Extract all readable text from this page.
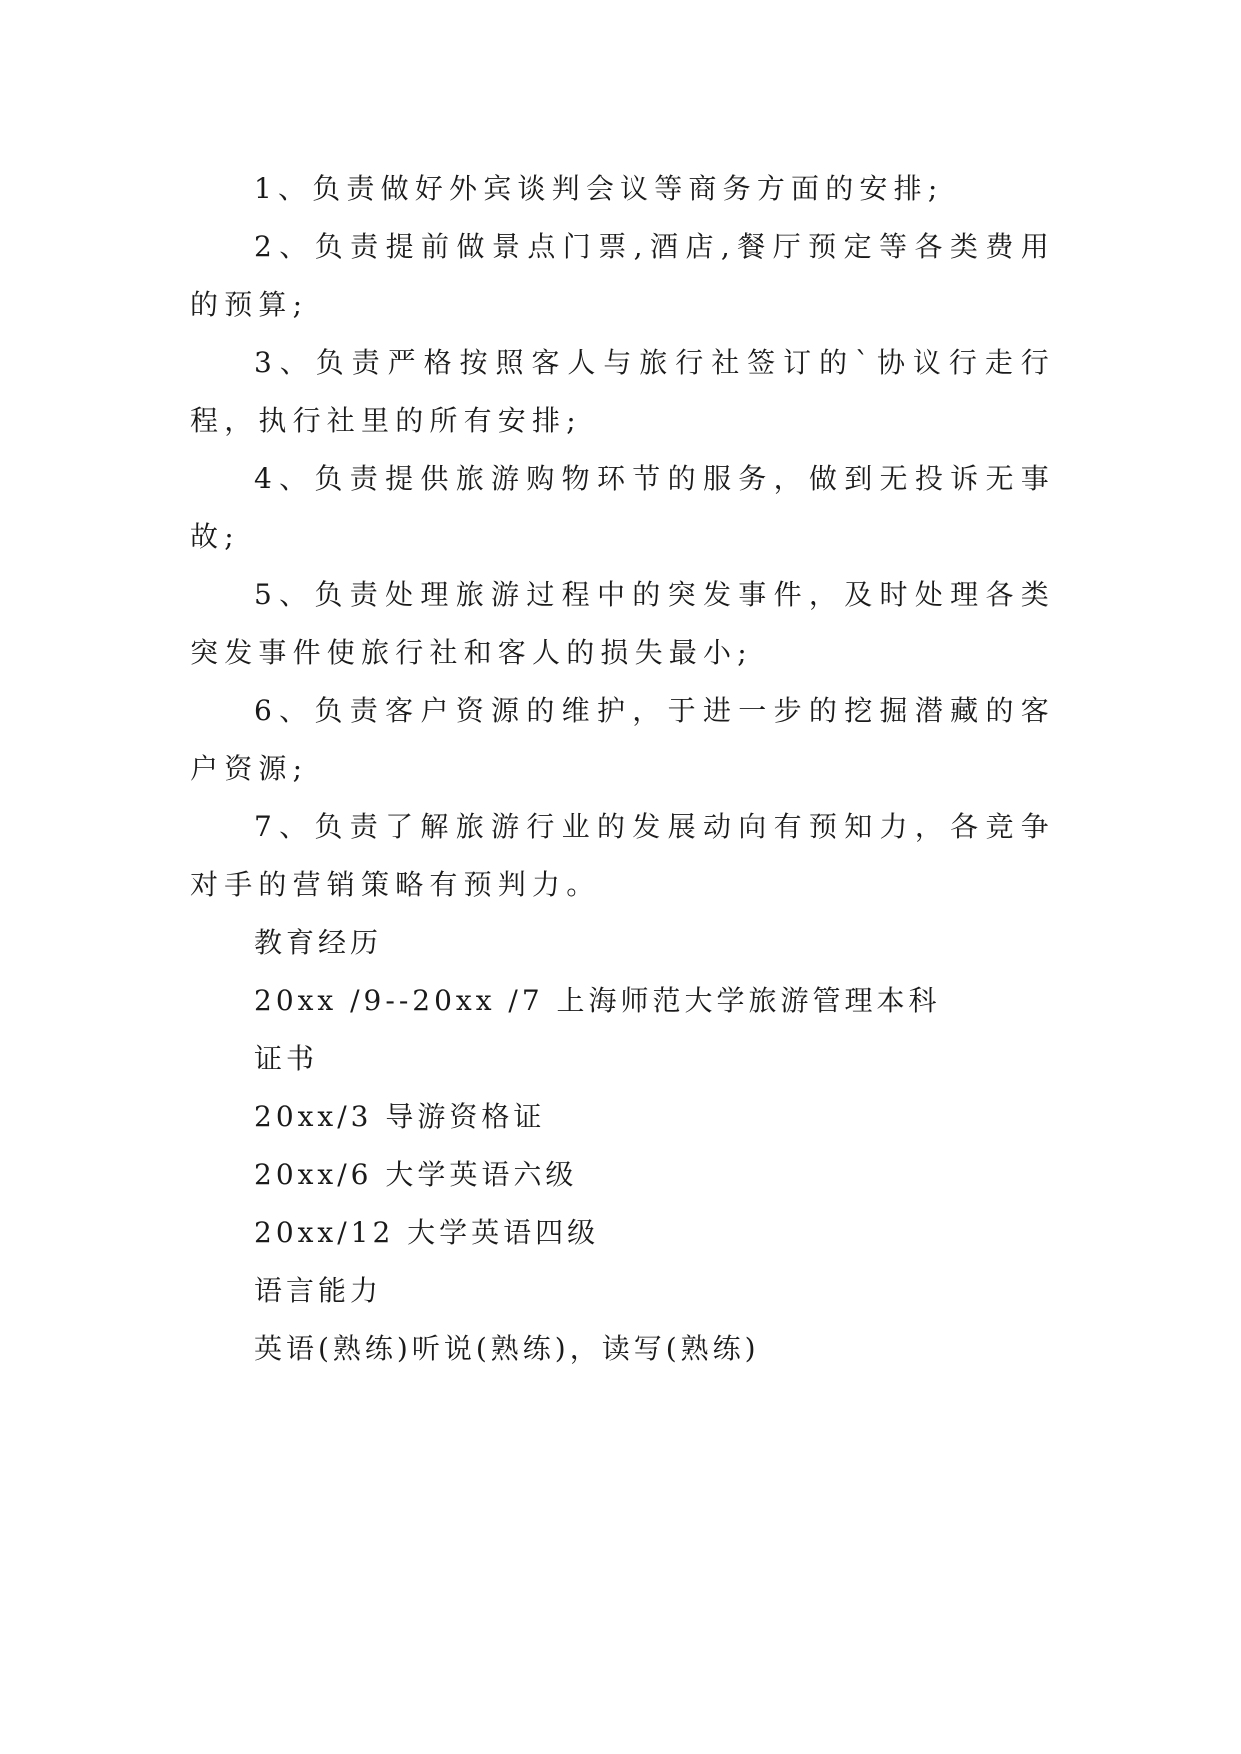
1、负责做好外宾谈判会议等商务方面的安排;

2、负责提前做景点门票,酒店,餐厅预定等各类费用的预算;

3、负责严格按照客人与旅行社签订的`协议行走行程，执行社里的所有安排;

4、负责提供旅游购物环节的服务，做到无投诉无事故;

5、负责处理旅游过程中的突发事件，及时处理各类突发事件使旅行社和客人的损失最小;

6、负责客户资源的维护，于进一步的挖掘潜藏的客户资源;

7、负责了解旅游行业的发展动向有预知力，各竞争对手的营销策略有预判力。

教育经历

20xx /9--20xx /7 上海师范大学旅游管理本科

证书

20xx/3 导游资格证

20xx/6 大学英语六级

20xx/12 大学英语四级

语言能力

英语(熟练)听说(熟练)，读写(熟练)
